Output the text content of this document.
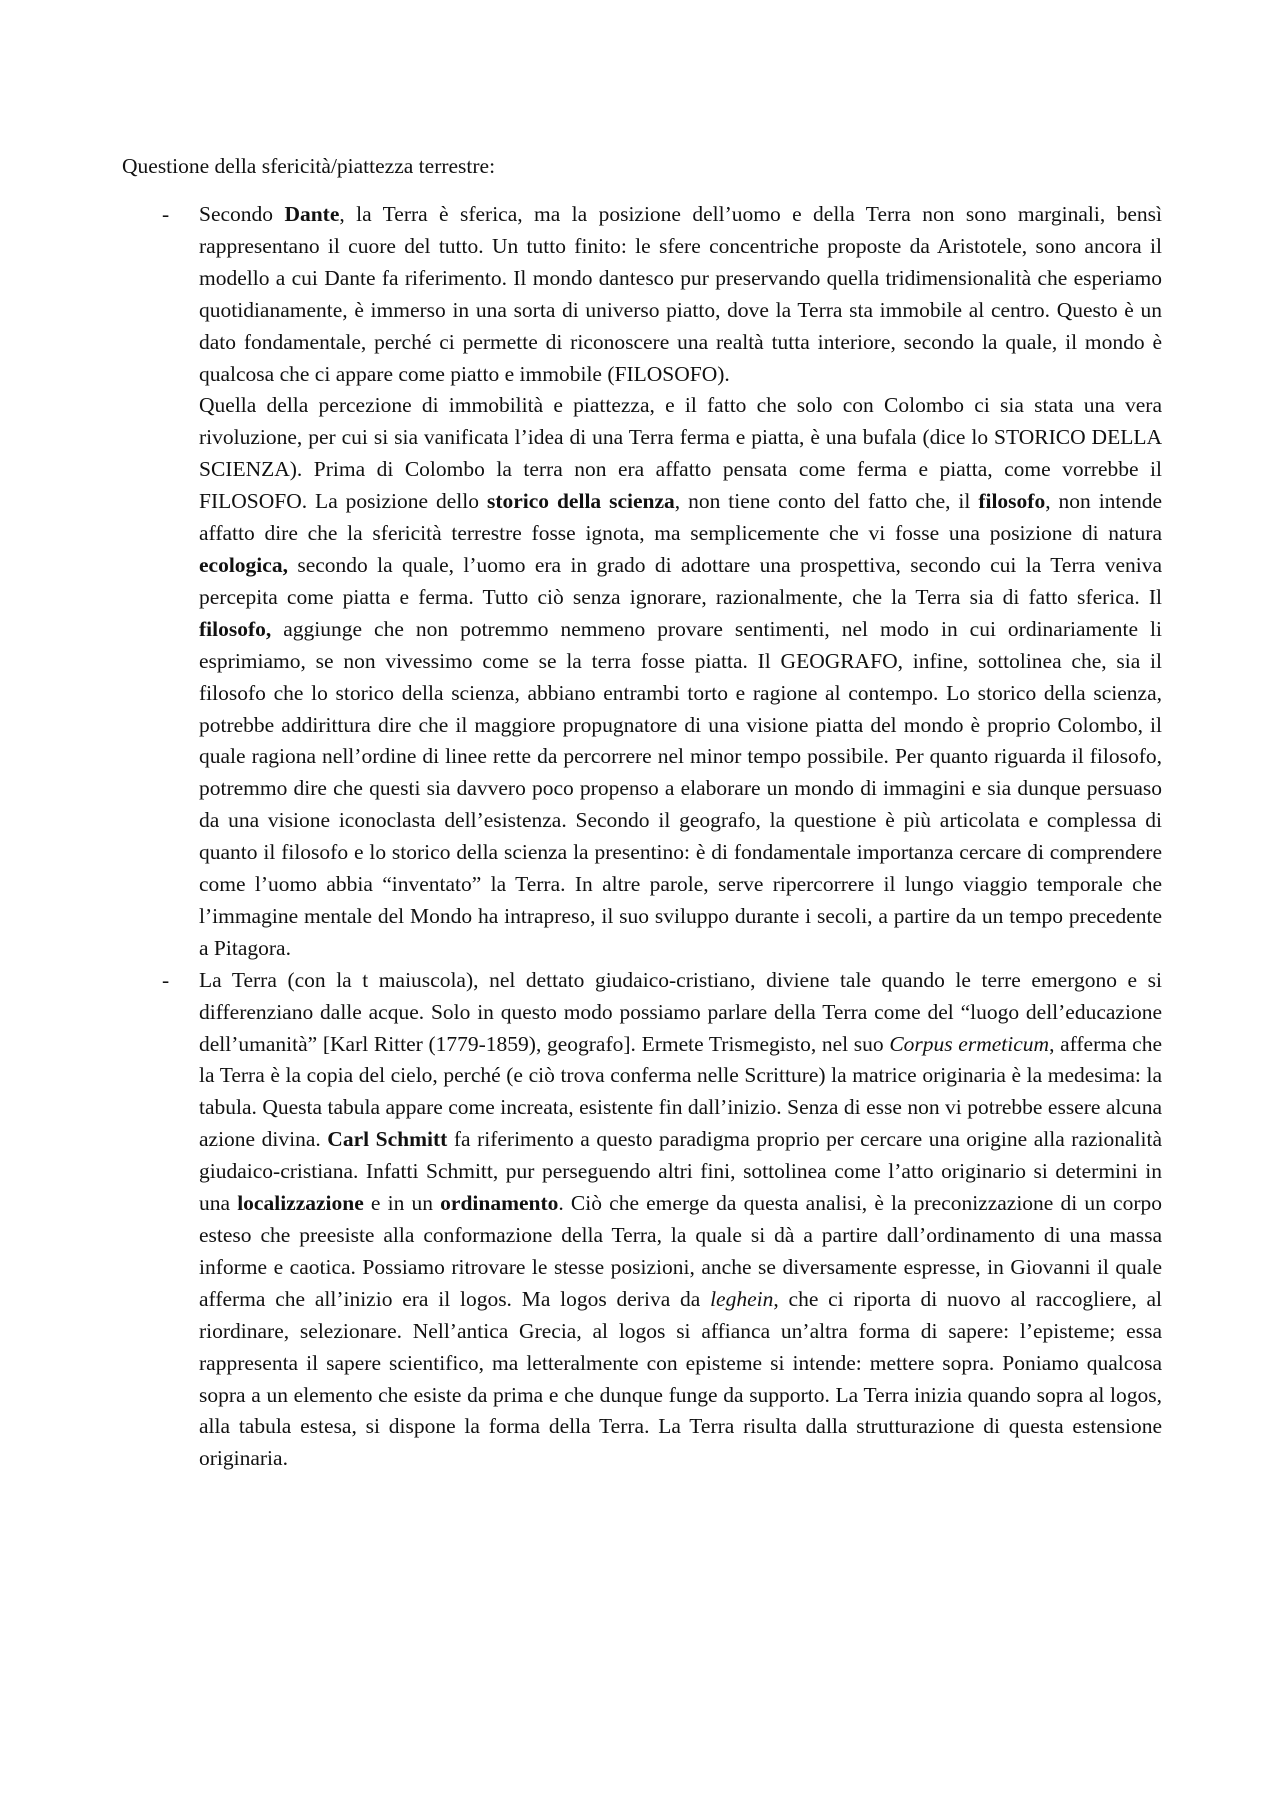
Questione della sfericità/piattezza terrestre:

- Secondo Dante, la Terra è sferica, ma la posizione dell’uomo e della Terra non sono marginali, bensì rappresentano il cuore del tutto. Un tutto finito: le sfere concentriche proposte da Aristotele, sono ancora il modello a cui Dante fa riferimento. Il mondo dantesco pur preservando quella tridimensionalità che esperiamo quotidianamente, è immerso in una sorta di universo piatto, dove la Terra sta immobile al centro. Questo è un dato fondamentale, perché ci permette di riconoscere una realtà tutta interiore, secondo la quale, il mondo è qualcosa che ci appare come piatto e immobile (FILOSOFO).

Quella della percezione di immobilità e piattezza, e il fatto che solo con Colombo ci sia stata una vera rivoluzione, per cui si sia vanificata l’idea di una Terra ferma e piatta, è una bufala (dice lo STORICO DELLA SCIENZA). Prima di Colombo la terra non era affatto pensata come ferma e piatta, come vorrebbe il FILOSOFO. La posizione dello storico della scienza, non tiene conto del fatto che, il filosofo, non intende affatto dire che la sfericità terrestre fosse ignota, ma semplicemente che vi fosse una posizione di natura ecologica, secondo la quale, l’uomo era in grado di adottare una prospettiva, secondo cui la Terra veniva percepita come piatta e ferma. Tutto ciò senza ignorare, razionalmente, che la Terra sia di fatto sferica. Il filosofo, aggiunge che non potremmo nemmeno provare sentimenti, nel modo in cui ordinariamente li esprimiamo, se non vivessimo come se la terra fosse piatta. Il GEOGRAFO, infine, sottolinea che, sia il filosofo che lo storico della scienza, abbiano entrambi torto e ragione al contempo. Lo storico della scienza, potrebbe addirittura dire che il maggiore propugnatore di una visione piatta del mondo è proprio Colombo, il quale ragiona nell’ordine di linee rette da percorrere nel minor tempo possibile. Per quanto riguarda il filosofo, potremmo dire che questi sia davvero poco propenso a elaborare un mondo di immagini e sia dunque persuaso da una visione iconoclasta dell’esistenza. Secondo il geografo, la questione è più articolata e complessa di quanto il filosofo e lo storico della scienza la presentino: è di fondamentale importanza cercare di comprendere come l’uomo abbia “inventato” la Terra. In altre parole, serve ripercorrere il lungo viaggio temporale che l’immagine mentale del Mondo ha intrapreso, il suo sviluppo durante i secoli, a partire da un tempo precedente a Pitagora.

- La Terra (con la t maiuscola), nel dettato giudaico-cristiano, diviene tale quando le terre emergono e si differenziano dalle acque. Solo in questo modo possiamo parlare della Terra come del “luogo dell’educazione dell’umanità” [Karl Ritter (1779-1859), geografo]. Ermete Trismegisto, nel suo Corpus ermeticum, afferma che la Terra è la copia del cielo, perché (e ciò trova conferma nelle Scritture) la matrice originaria è la medesima: la tabula. Questa tabula appare come increata, esistente fin dall’inizio. Senza di esse non vi potrebbe essere alcuna azione divina. Carl Schmitt fa riferimento a questo paradigma proprio per cercare una origine alla razionalità giudaico-cristiana. Infatti Schmitt, pur perseguendo altri fini, sottolinea come l’atto originario si determini in una localizzazione e in un ordinamento. Ciò che emerge da questa analisi, è la preconizzazione di un corpo esteso che preesiste alla conformazione della Terra, la quale si dà a partire dall’ordinamento di una massa informe e caotica. Possiamo ritrovare le stesse posizioni, anche se diversamente espresse, in Giovanni il quale afferma che all’inizio era il logos. Ma logos deriva da leghein, che ci riporta di nuovo al raccogliere, al riordinare, selezionare. Nell’antica Grecia, al logos si affianca un’altra forma di sapere: l’episteme; essa rappresenta il sapere scientifico, ma letteralmente con episteme si intende: mettere sopra. Poniamo qualcosa sopra a un elemento che esiste da prima e che dunque funge da supporto. La Terra inizia quando sopra al logos, alla tabula estesa, si dispone la forma della Terra. La Terra risulta dalla strutturazione di questa estensione originaria.
